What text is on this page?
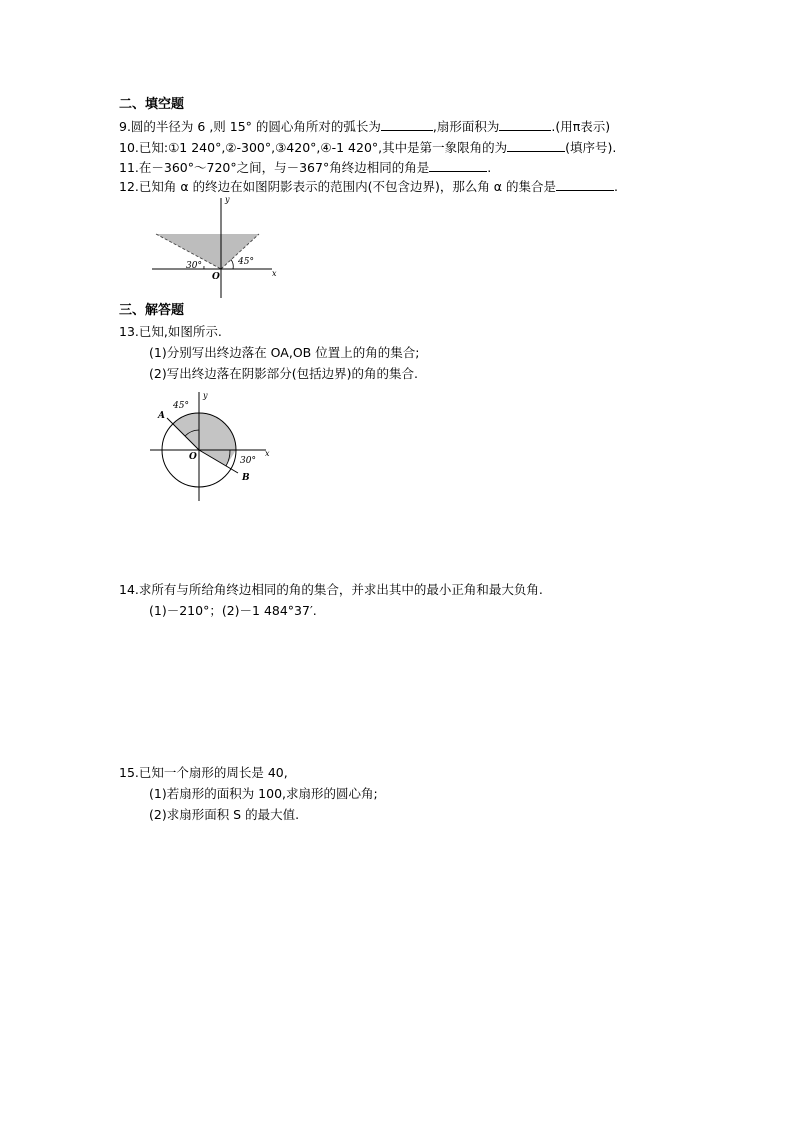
二、填空题
9.圆的半径为 6 ,则 15° 的圆心角所对的弧长为	,扇形面积为	.(用π表示)
10.已知:①1 240°,②-300°,③420°,④-1 420°,其中是第一象限角的为	(填序号).
11.在－360°～720°之间，与－367°角终边相同的角是	.
12.已知角 α 的终边在如图阴影表示的范围内(不包含边界)，那么角 α 的集合是	.
30°	45°
O	x
y
三、解答题
13.已知,如图所示.
(1)分别写出终边落在 OA,OB 位置上的角的集合;
(2)写出终边落在阴影部分(包括边界)的角的集合.
45°
30°
A
B
O	x
y
14.求所有与所给角终边相同的角的集合，并求出其中的最小正角和最大负角.
(1)－210°；(2)－1 484°37′.
15.已知一个扇形的周长是 40,
(1)若扇形的面积为 100,求扇形的圆心角;
(2)求扇形面积 S 的最大值.
